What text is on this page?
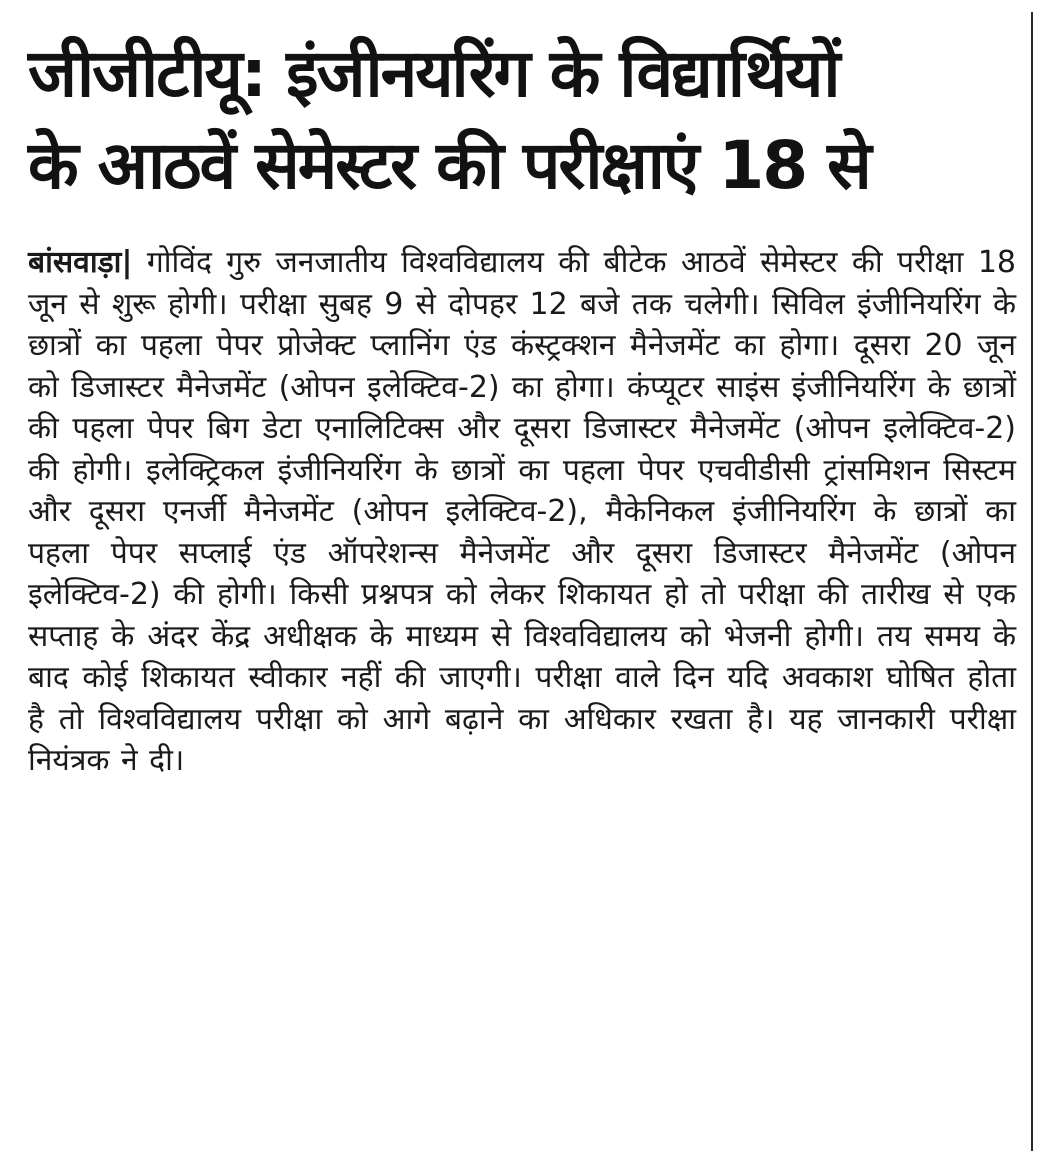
जीजीटीयू: इंजीनयरिंग के विद्यार्थियों
के आठवें सेमेस्टर की परीक्षाएं 18 से

बांसवाड़ा| गोविंद गुरु जनजातीय विश्वविद्यालय की बीटेक आठवें सेमेस्टर की परीक्षा 18 जून से शुरू होगी। परीक्षा सुबह 9 से दोपहर 12 बजे तक चलेगी। सिविल इंजीनियरिंग के छात्रों का पहला पेपर प्रोजेक्ट प्लानिंग एंड कंस्ट्रक्शन मैनेजमेंट का होगा। दूसरा 20 जून को डिजास्टर मैनेजमेंट (ओपन इलेक्टिव-2) का होगा। कंप्यूटर साइंस इंजीनियरिंग के छात्रों की पहला पेपर बिग डेटा एनालिटिक्स और दूसरा डिजास्टर मैनेजमेंट (ओपन इलेक्टिव-2) की होगी। इलेक्ट्रिकल इंजीनियरिंग के छात्रों का पहला पेपर एचवीडीसी ट्रांसमिशन सिस्टम और दूसरा एनर्जी मैनेजमेंट (ओपन इलेक्टिव-2), मैकेनिकल इंजीनियरिंग के छात्रों का पहला पेपर सप्लाई एंड ऑपरेशन्स मैनेजमेंट और दूसरा डिजास्टर मैनेजमेंट (ओपन इलेक्टिव-2) की होगी। किसी प्रश्नपत्र को लेकर शिकायत हो तो परीक्षा की तारीख से एक सप्ताह के अंदर केंद्र अधीक्षक के माध्यम से विश्वविद्यालय को भेजनी होगी। तय समय के बाद कोई शिकायत स्वीकार नहीं की जाएगी। परीक्षा वाले दिन यदि अवकाश घोषित होता है तो विश्वविद्यालय परीक्षा को आगे बढ़ाने का अधिकार रखता है। यह जानकारी परीक्षा नियंत्रक ने दी।
